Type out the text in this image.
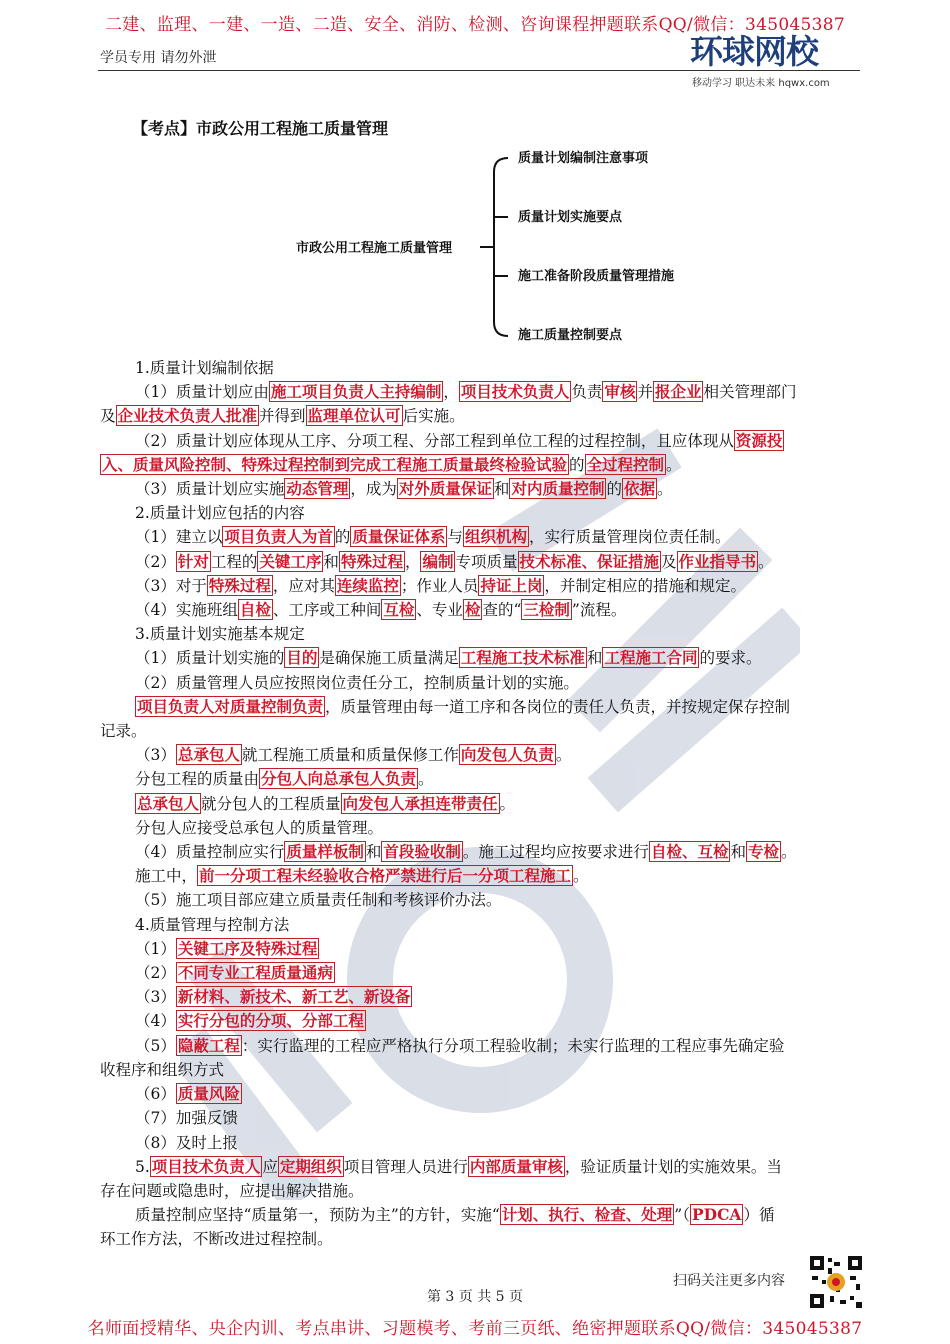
二建、监理、一建、一造、二造、安全、消防、检测、咨询课程押题联系QQ/微信：345045387
学员专用 请勿外泄	环球网校
移动学习 职达未来 hqwx.com
【考点】市政公用工程施工质量管理
市政公用工程施工质量管理
质量计划编制注意事项
质量计划实施要点
施工准备阶段质量管理措施
施工质量控制要点
1.质量计划编制依据
（1）质量计划应由 施工项目负责人主持编制 ， 项目技术负责人 负责 审核 并 报企业 相关管理部门
及 企业技术负责人批准 并得到 监理单位认可 后实施。
（2）质量计划应体现从工序、分项工程、分部工程到单位工程的过程控制，且应体现从 资源投
入、质量风险控制、特殊过程控制到完成工程施工质量最终检验试验 的 全过程控制 。
（3）质量计划应实施 动态管理 ，成为 对外质量保证 和 对内质量控制 的 依据 。
2.质量计划应包括的内容
（1）建立以 项目负责人为首 的 质量保证体系 与 组织机构 ，实行质量管理岗位责任制。
（2） 针对 工程的 关键工序 和 特殊过程 ， 编制 专项质量 技术标准、保证措施 及 作业指导书 。
（3）对于 特殊过程 ，应对其 连续监控 ；作业人员 持证上岗 ，并制定相应的措施和规定。
（4）实施班组 自检 、工序或工种间 互检 、专业 检 查的“ 三检制 ”流程。
3.质量计划实施基本规定
（1）质量计划实施的 目的 是确保施工质量满足 工程施工技术标准 和 工程施工合同 的要求。
（2）质量管理人员应按照岗位责任分工，控制质量计划的实施。
项目负责人对质量控制负责 ，质量管理由每一道工序和各岗位的责任人负责，并按规定保存控制
记录。
（3） 总承包人 就工程施工质量和质量保修工作 向发包人负责 。
分包工程的质量由 分包人向总承包人负责 。
总承包人 就分包人的工程质量 向发包人承担连带责任 。
分包人应接受总承包人的质量管理。
（4）质量控制应实行 质量样板制 和 首段验收制 。施工过程均应按要求进行 自检、互检 和 专检 。
施工中， 前一分项工程未经验收合格严禁进行后一分项工程施工 。
（5）施工项目部应建立质量责任制和考核评价办法。
4.质量管理与控制方法
（1） 关键工序及特殊过程
（2） 不同专业工程质量通病
（3） 新材料、新技术、新工艺、新设备
（4） 实行分包的分项、分部工程
（5） 隐蔽工程 ：实行监理的工程应严格执行分项工程验收制；未实行监理的工程应事先确定验
收程序和组织方式
（6） 质量风险
（7）加强反馈
（8）及时上报
5. 项目技术负责人 应 定期组织 项目管理人员进行 内部质量审核 ，验证质量计划的实施效果。当
存在问题或隐患时，应提出解决措施。
质量控制应坚持“质量第一，预防为主”的方针，实施“ 计划、执行、检查、处理 ”（ PDCA ）循
环工作方法，不断改进过程控制。
扫码关注更多内容
第 3 页 共 5 页
名师面授精华、央企内训、考点串讲、习题模考、考前三页纸、绝密押题联系QQ/微信：345045387
